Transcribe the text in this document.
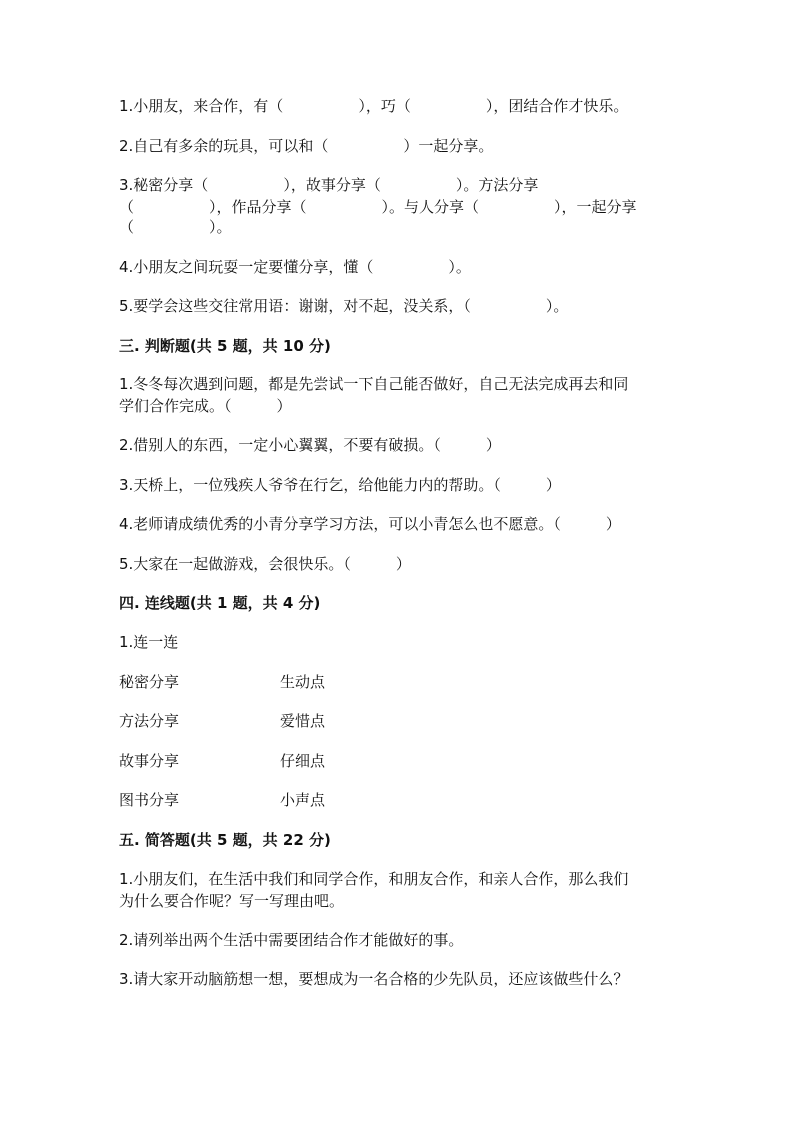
1.小朋友，来合作，有（　　　　　），巧（　　　　　），团结合作才快乐。
2.自己有多余的玩具，可以和（　　　　　）一起分享。
3.秘密分享（　　　　　），故事分享（　　　　　）。方法分享
（　　　　　），作品分享（　　　　　）。与人分享（　　　　　），一起分享
（　　　　　）。
4.小朋友之间玩耍一定要懂分享，懂（　　　　　）。
5.要学会这些交往常用语：谢谢，对不起，没关系，（　　　　　）。
三. 判断题(共 5 题，共 10 分)
1.冬冬每次遇到问题，都是先尝试一下自己能否做好，自己无法完成再去和同
学们合作完成。（　　　）
2.借别人的东西，一定小心翼翼，不要有破损。（　　　）
3.天桥上，一位残疾人爷爷在行乞，给他能力内的帮助。（　　　）
4.老师请成绩优秀的小青分享学习方法，可以小青怎么也不愿意。（　　　）
5.大家在一起做游戏，会很快乐。（　　　）
四. 连线题(共 1 题，共 4 分)
1.连一连
秘密分享	生动点
方法分享	爱惜点
故事分享	仔细点
图书分享	小声点
五. 简答题(共 5 题，共 22 分)
1.小朋友们，在生活中我们和同学合作，和朋友合作，和亲人合作，那么我们
为什么要合作呢？写一写理由吧。
2.请列举出两个生活中需要团结合作才能做好的事。
3.请大家开动脑筋想一想，要想成为一名合格的少先队员，还应该做些什么？
